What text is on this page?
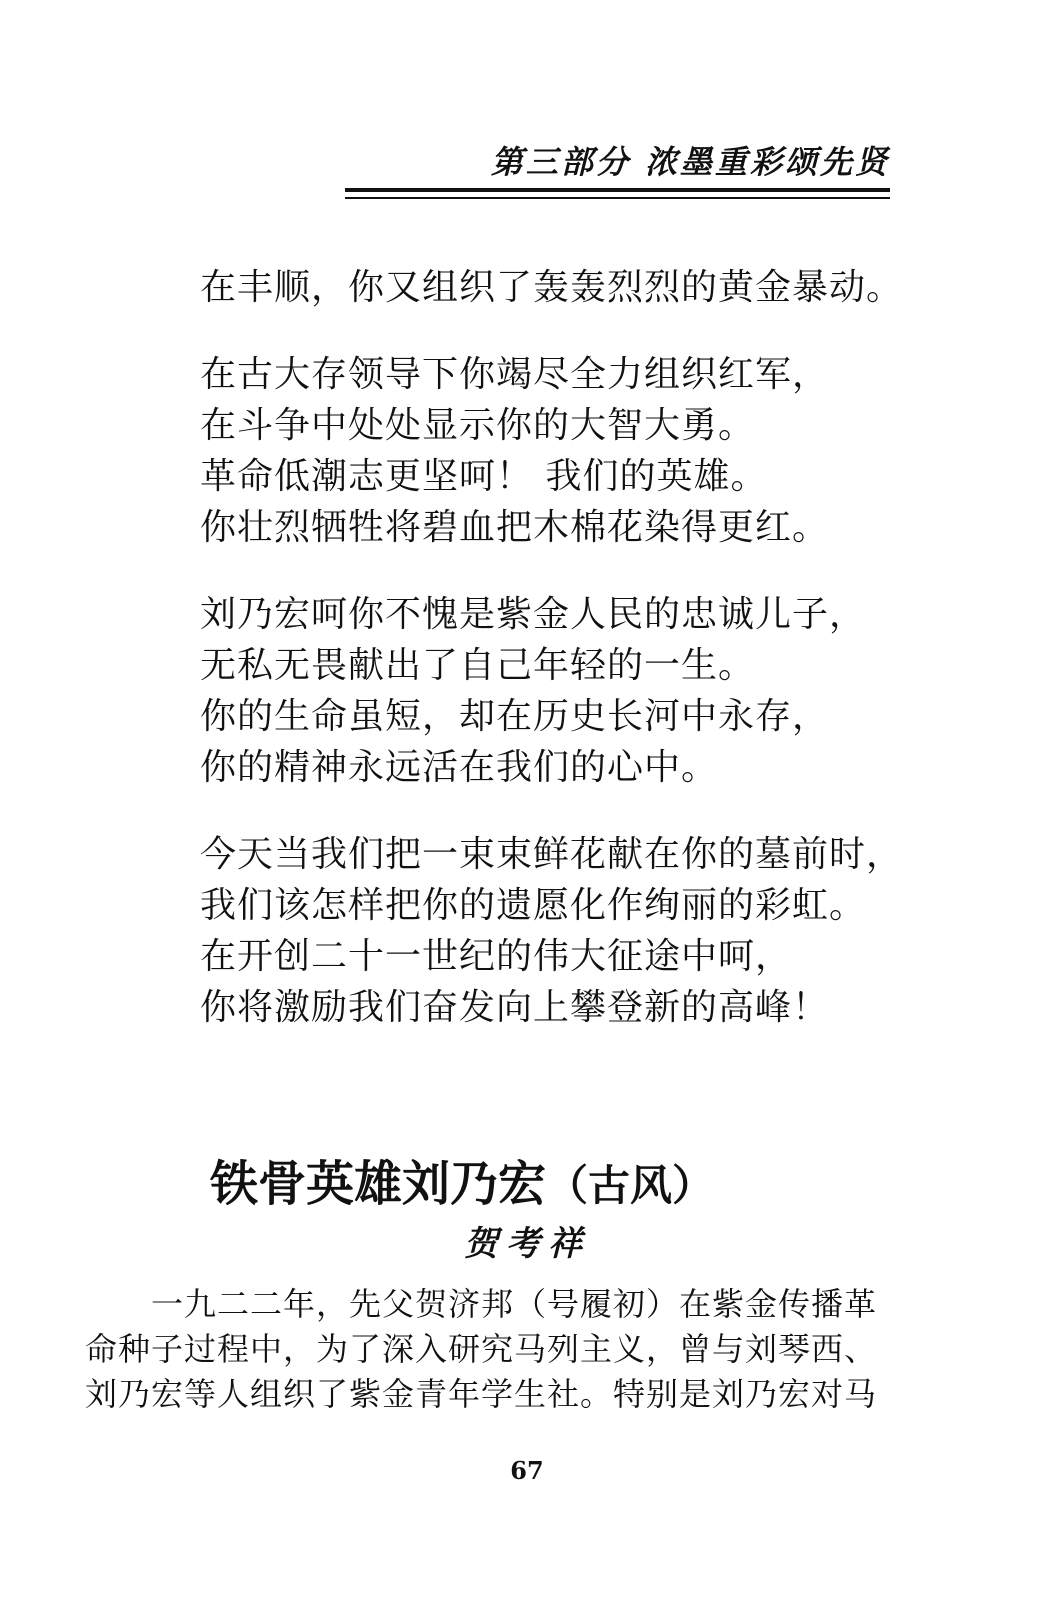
第三部分 浓墨重彩颂先贤
在丰顺，你又组织了轰轰烈烈的黄金暴动。
在古大存领导下你竭尽全力组织红军，
在斗争中处处显示你的大智大勇。
革命低潮志更坚呵！ 我们的英雄。
你壮烈牺牲将碧血把木棉花染得更红。
刘乃宏呵你不愧是紫金人民的忠诚儿子，
无私无畏献出了自己年轻的一生。
你的生命虽短，却在历史长河中永存，
你的精神永远活在我们的心中。
今天当我们把一束束鲜花献在你的墓前时，
我们该怎样把你的遗愿化作绚丽的彩虹。
在开创二十一世纪的伟大征途中呵，
你将激励我们奋发向上攀登新的高峰！
铁骨英雄刘乃宏（古风）
贺考祥
一九二二年，先父贺济邦（号履初）在紫金传播革
命种子过程中，为了深入研究马列主义，曾与刘琴西、
刘乃宏等人组织了紫金青年学生社。特别是刘乃宏对马
67
